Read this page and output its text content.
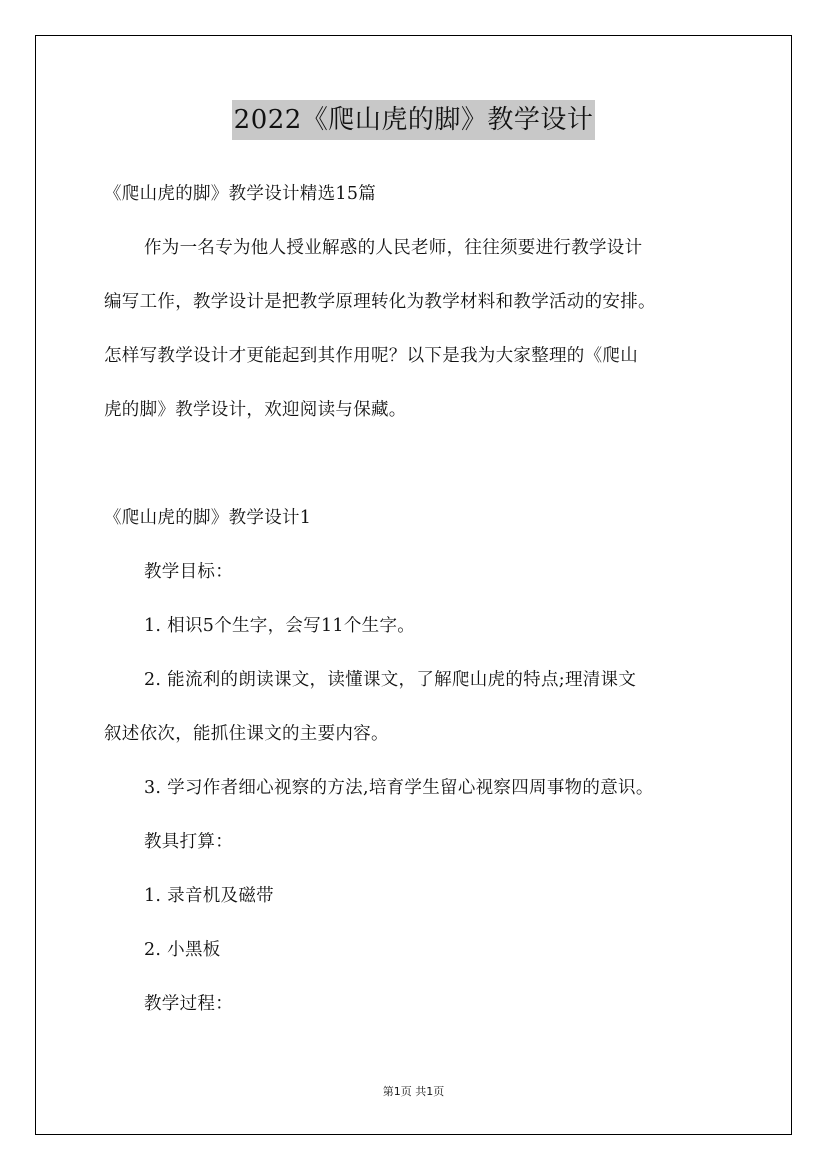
2022《爬山虎的脚》教学设计
《爬山虎的脚》教学设计精选15篇
作为一名专为他人授业解惑的人民老师，往往须要进行教学设计
编写工作，教学设计是把教学原理转化为教学材料和教学活动的安排。
怎样写教学设计才更能起到其作用呢？以下是我为大家整理的《爬山
虎的脚》教学设计，欢迎阅读与保藏。
《爬山虎的脚》教学设计1
教学目标：
1. 相识5个生字，会写11个生字。
2. 能流利的朗读课文，读懂课文，了解爬山虎的特点;理清课文
叙述依次，能抓住课文的主要内容。
3. 学习作者细心视察的方法,培育学生留心视察四周事物的意识。
教具打算：
1. 录音机及磁带
2. 小黑板
教学过程：
第1页 共1页
